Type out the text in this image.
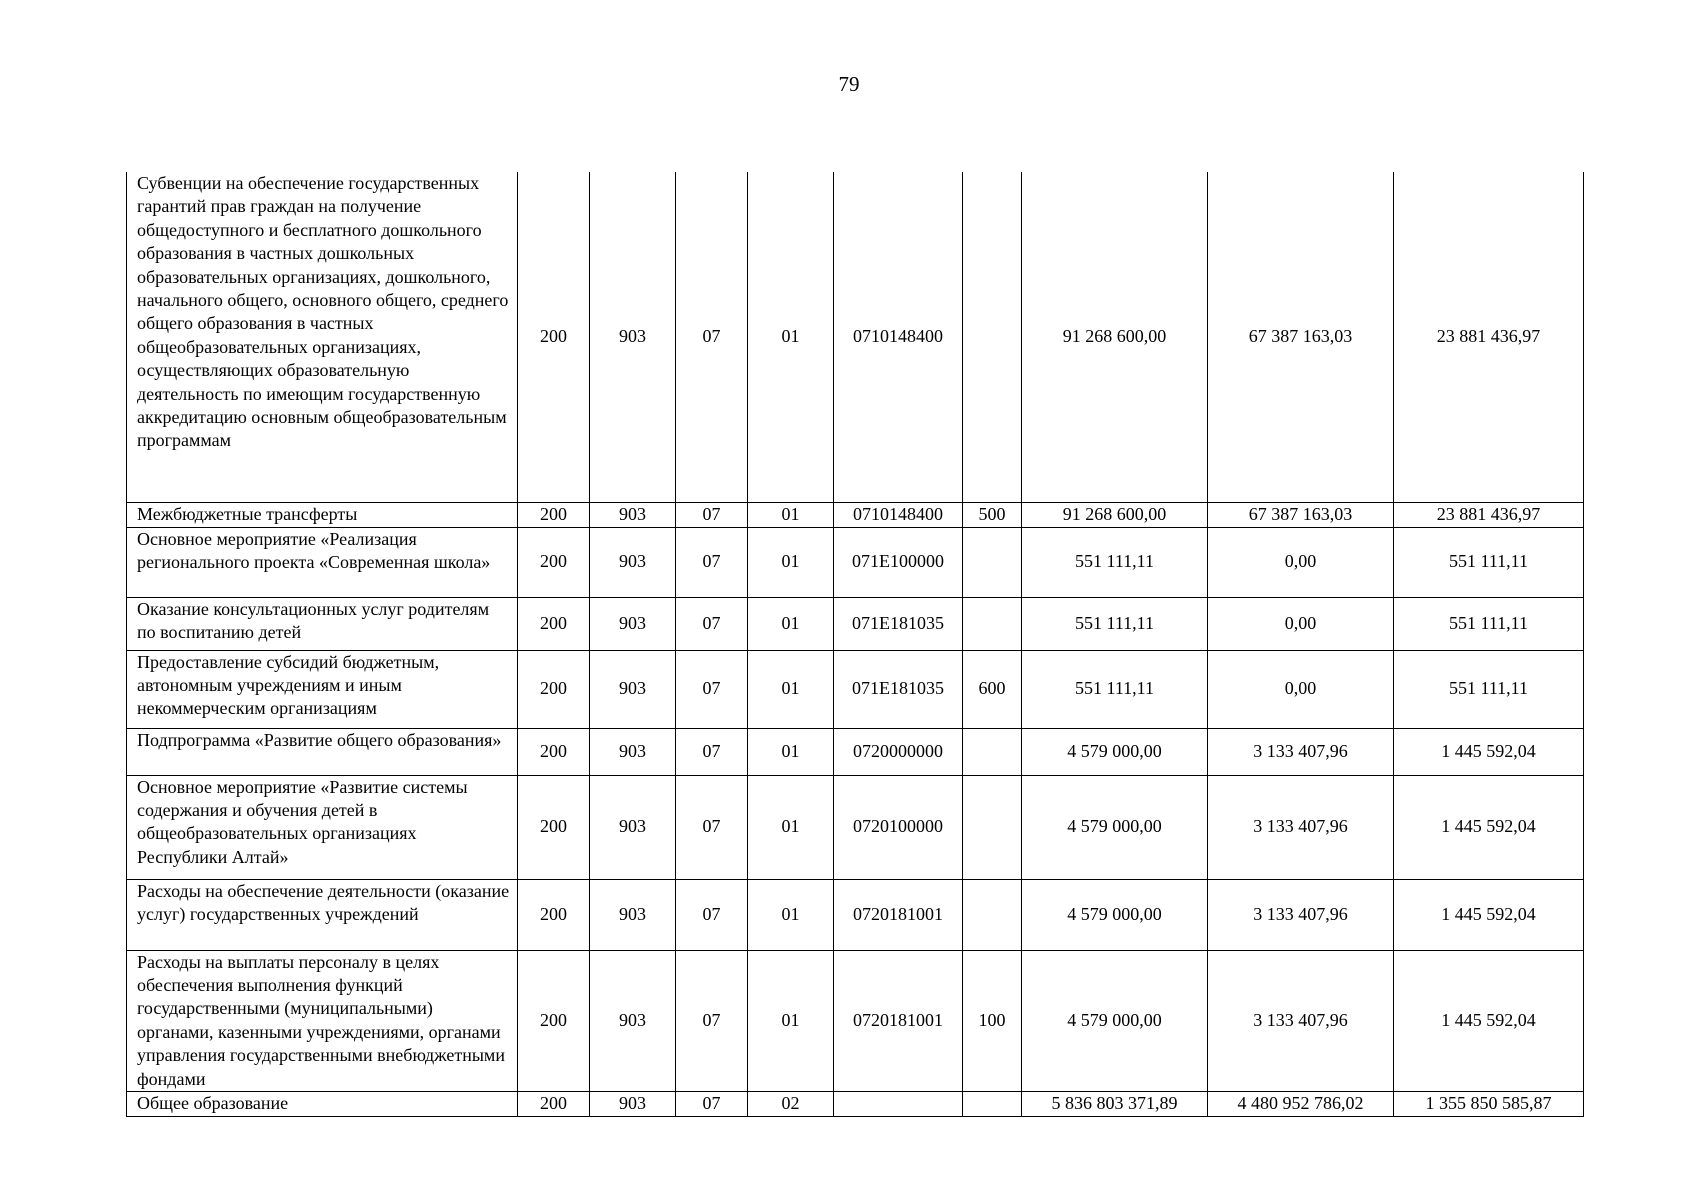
79
Субвенции на обеспечение государственных гарантий прав граждан на получение общедоступного и бесплатного дошкольного образования в частных дошкольных образовательных организациях, дошкольного, начального общего, основного общего, среднего общего образования в частных общеобразовательных организациях, осуществляющих образовательную деятельность по имеющим государственную аккредитацию основным общеобразовательным программам	200	903	07	01	0710148400		91 268 600,00	67 387 163,03	23 881 436,97
Межбюджетные трансферты	200	903	07	01	0710148400	500	91 268 600,00	67 387 163,03	23 881 436,97
Основное мероприятие «Реализация регионального проекта «Современная школа»	200	903	07	01	071E100000		551 111,11	0,00	551 111,11
Оказание консультационных услуг родителям по воспитанию детей	200	903	07	01	071E181035		551 111,11	0,00	551 111,11
Предоставление субсидий бюджетным, автономным учреждениям и иным некоммерческим организациям	200	903	07	01	071E181035	600	551 111,11	0,00	551 111,11
Подпрограмма «Развитие общего образования»	200	903	07	01	0720000000		4 579 000,00	3 133 407,96	1 445 592,04
Основное мероприятие «Развитие системы содержания и обучения детей в общеобразовательных организациях Республики Алтай»	200	903	07	01	0720100000		4 579 000,00	3 133 407,96	1 445 592,04
Расходы на обеспечение деятельности (оказание услуг) государственных учреждений	200	903	07	01	0720181001		4 579 000,00	3 133 407,96	1 445 592,04
Расходы на выплаты персоналу в целях обеспечения выполнения функций государственными (муниципальными) органами, казенными учреждениями, органами управления государственными внебюджетными фондами	200	903	07	01	0720181001	100	4 579 000,00	3 133 407,96	1 445 592,04
Общее образование	200	903	07	02			5 836 803 371,89	4 480 952 786,02	1 355 850 585,87
